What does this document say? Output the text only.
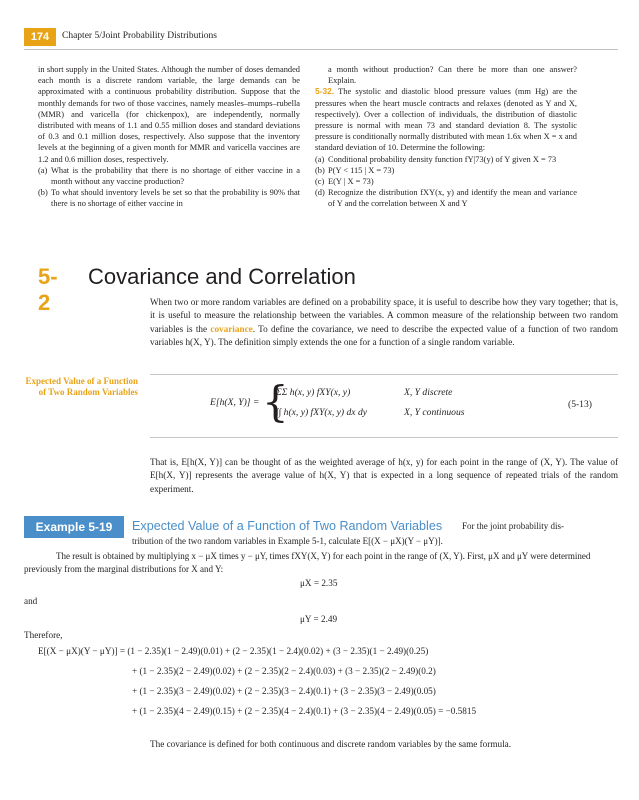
174	Chapter 5/Joint Probability Distributions

in short supply in the United States. Although the number of doses demanded each month is a discrete random variable, the large demands can be approximated with a continuous probability distribution. Suppose that the monthly demands for two of those vaccines, namely measles–mumps–rubella (MMR) and varicella (for chickenpox), are independently, normally distributed with means of 1.1 and 0.55 million doses and standard deviations of 0.3 and 0.1 million doses, respectively. Also suppose that the inventory levels at the beginning of a given month for MMR and varicella vaccines are 1.2 and 0.6 million doses, respectively.

(a) What is the probability that there is no shortage of either vaccine in a month without any vaccine production?
(b) To what should inventory levels be set so that the probability is 90% that there is no shortage of either vaccine in

a month without production? Can there be more than one answer? Explain.

5-32. The systolic and diastolic blood pressure values (mm Hg) are the pressures when the heart muscle contracts and relaxes (denoted as Y and X, respectively). Over a collection of individuals, the distribution of diastolic pressure is normal with mean 73 and standard deviation 8. The systolic pressure is conditionally normally distributed with mean 1.6x when X = x and standard deviation of 10. Determine the following:

(a) Conditional probability density function fY|73(y) of Y given X = 73
(b) P(Y < 115 | X = 73)
(c) E(Y | X = 73)
(d) Recognize the distribution fXY(x, y) and identify the mean and variance of Y and the correlation between X and Y
5-2
Covariance and Correlation
When two or more random variables are defined on a probability space, it is useful to describe how they vary together; that is, it is useful to measure the relationship between the variables. A common measure of the relationship between two random variables is the covariance. To define the covariance, we need to describe the expected value of a function of two random variables h(X, Y). The definition simply extends the one for a function of a single random variable.
Expected Value of a Function of Two Random Variables
E[h(X, Y)] = {
ΣΣ h(x, y) fXY(x, y)
∫∫ h(x, y) fXY(x, y) dx dy
X, Y discrete
X, Y continuous
(5-13)
That is, E[h(X, Y)] can be thought of as the weighted average of h(x, y) for each point in the range of (X, Y). The value of E[h(X, Y)] represents the average value of h(X, Y) that is expected in a long sequence of repeated trials of the random experiment.
Example 5-19	Expected Value of a Function of Two Random Variables For the joint probability dis-
tribution of the two random variables in Example 5-1, calculate E[(X − μX)(Y − μY)].

The result is obtained by multiplying x − μX times y − μY, times fXY(X, Y) for each point in the range of (X, Y). First, μX and μY were determined previously from the marginal distributions for X and Y:

μX = 2.35
and
μY = 2.49
Therefore,
E[(X − μX)(Y − μY)] = (1 − 2.35)(1 − 2.49)(0.01) + (2 − 2.35)(1 − 2.4)(0.02) + (3 − 2.35)(1 − 2.49)(0.25)
+ (1 − 2.35)(2 − 2.49)(0.02) + (2 − 2.35)(2 − 2.4)(0.03) + (3 − 2.35)(2 − 2.49)(0.2)
+ (1 − 2.35)(3 − 2.49)(0.02) + (2 − 2.35)(3 − 2.4)(0.1) + (3 − 2.35)(3 − 2.49)(0.05)
+ (1 − 2.35)(4 − 2.49)(0.15) + (2 − 2.35)(4 − 2.4)(0.1) + (3 − 2.35)(4 − 2.49)(0.05) = −0.5815
The covariance is defined for both continuous and discrete random variables by the same formula.
